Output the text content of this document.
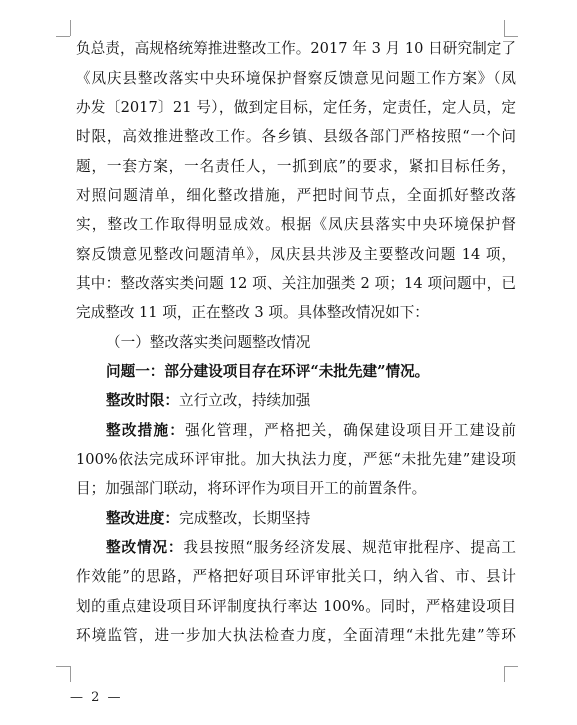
负总责，高规格统筹推进整改工作。2017 年 3 月 10 日研究制定了
《凤庆县整改落实中央环境保护督察反馈意见问题工作方案》（凤
办发〔2017〕21 号），做到定目标，定任务，定责任，定人员，定
时限，高效推进整改工作。各乡镇、县级各部门严格按照“一个问
题，一套方案，一名责任人，一抓到底”的要求，紧扣目标任务，
对照问题清单，细化整改措施，严把时间节点，全面抓好整改落
实，整改工作取得明显成效。根据《凤庆县落实中央环境保护督
察反馈意见整改问题清单》，凤庆县共涉及主要整改问题 14 项，
其中：整改落实类问题 12 项、关注加强类 2 项；14 项问题中，已
完成整改 11 项，正在整改 3 项。具体整改情况如下：
（一）整改落实类问题整改情况
问题一：部分建设项目存在环评“未批先建”情况。
整改时限：立行立改，持续加强
整改措施：强化管理，严格把关，确保建设项目开工建设前
100%依法完成环评审批。加大执法力度，严惩“未批先建”建设项
目；加强部门联动，将环评作为项目开工的前置条件。
整改进度：完成整改，长期坚持
整改情况：我县按照“服务经济发展、规范审批程序、提高工
作效能”的思路，严格把好项目环评审批关口，纳入省、市、县计
划的重点建设项目环评制度执行率达 100%。同时，严格建设项目
环境监管，进一步加大执法检查力度，全面清理“未批先建”等环
— 2 —
